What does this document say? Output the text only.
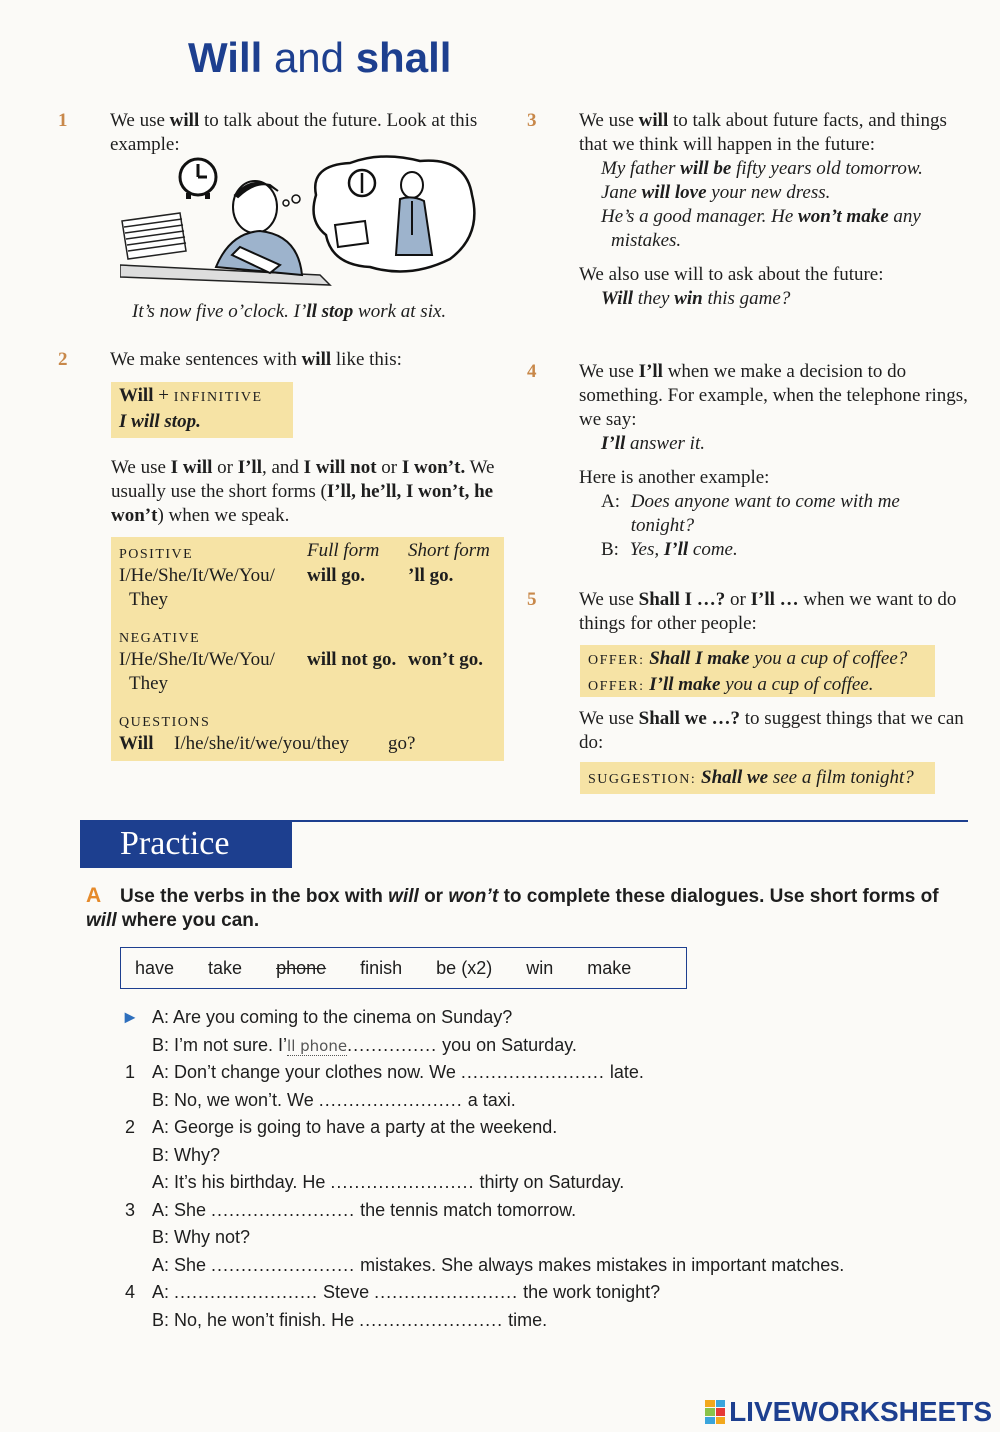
Will and shall

1 We use will to talk about the future. Look at this example:

It’s now five o’clock. I’ll stop work at six.

2 We make sentences with will like this:

Will + INFINITIVE
I will stop.
We use I will or I’ll, and I will not or I won’t. We usually use the short forms (I’ll, he’ll, I won’t, he won’t) when we speak.
POSITIVE	Full form Short form
I/He/She/It/We/You/
They
will go. ’ll go.
NEGATIVE
I/He/She/It/We/You/
They
will not go. won’t go.
QUESTIONS
Will I/he/she/it/we/you/they go?

3 We use will to talk about future facts, and things that we think will happen in the future:

My father will be fifty years old tomorrow.
Jane will love your new dress.
He’s a good manager. He won’t make any mistakes.
We also use will to ask about the future:
Will they win this game?

4 We use I’ll when we make a decision to do something. For example, when the telephone rings, we say:

I’ll answer it.
Here is another example:
A: Does anyone want to come with me tonight?
B: Yes, I’ll come.

5 We use Shall I …? or I’ll … when we want to do things for other people:

OFFER: Shall I make you a cup of coffee?
OFFER: I’ll make you a cup of coffee.
We use Shall we …? to suggest things that we can do:
SUGGESTION: Shall we see a film tonight?
Practice
A Use the verbs in the box with will or won’t to complete these dialogues. Use short forms of will where you can.
have take phone finish be (x2) win make
► A: Are you coming to the cinema on Sunday?
B: I’m not sure. I’ll phone............... you on Saturday.
1 A: Don’t change your clothes now. We ........................ late.
B: No, we won’t. We ........................ a taxi.
2 A: George is going to have a party at the weekend.
B: Why?
A: It’s his birthday. He ........................ thirty on Saturday.
3 A: She ........................ the tennis match tomorrow.
B: Why not?
A: She ........................ mistakes. She always makes mistakes in important matches.
4 A: ........................ Steve ........................ the work tonight?
B: No, he won’t finish. He ........................ time.
LIVEWORKSHEETS
